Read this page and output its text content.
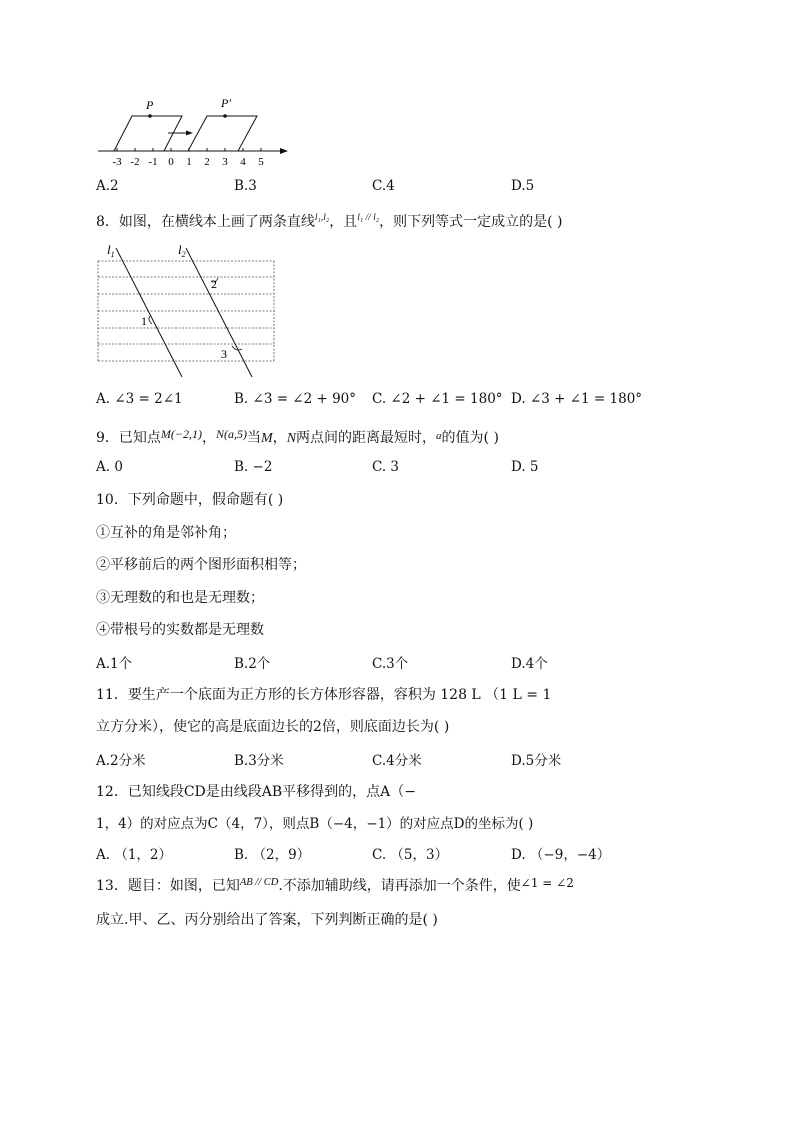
P	P′
-3 -2 -1 0 1 2 3 4 5
A.2	B.3	C.4	D.5
8．如图，在横线本上画了两条直线$^{l_1,l_2}$，且$^{l_1 // l_2}$，则下列等式一定成立的是( )
$l_1$	$l_2$
2
1
3
A. ∠3 = 2∠1	B. ∠3 = ∠2 + 90° C. ∠2 + ∠1 = 180° D. ∠3 + ∠1 = 180°
9．已知点M(−2,1)，N(a,5)当M，N两点间的距离最短时，$^a$的值为( )
A. 0	B. −2	C. 3	D. 5
10．下列命题中，假命题有( )
①互补的角是邻补角；
②平移前后的两个图形面积相等；
③无理数的和也是无理数；
④带根号的实数都是无理数
A.1个	B.2个	C.3个	D.4个
11．要生产一个底面为正方形的长方体形容器，容积为 128 L （1 L = 1
立方分米），使它的高是底面边长的2倍，则底面边长为( )
A.2分米	B.3分米	C.4分米	D.5分米
12．已知线段CD是由线段AB平移得到的，点A（−
1，4）的对应点为C（4，7），则点B（−4，−1）的对应点D的坐标为( )
A. （1，2）	B. （2，9）	C. （5，3）	D. （−9，−4）
13．题目：如图，已知$^{AB // CD}$.不添加辅助线，请再添加一个条件，使∠1 = ∠2
成立.甲、乙、丙分别给出了答案，下列判断正确的是( )
